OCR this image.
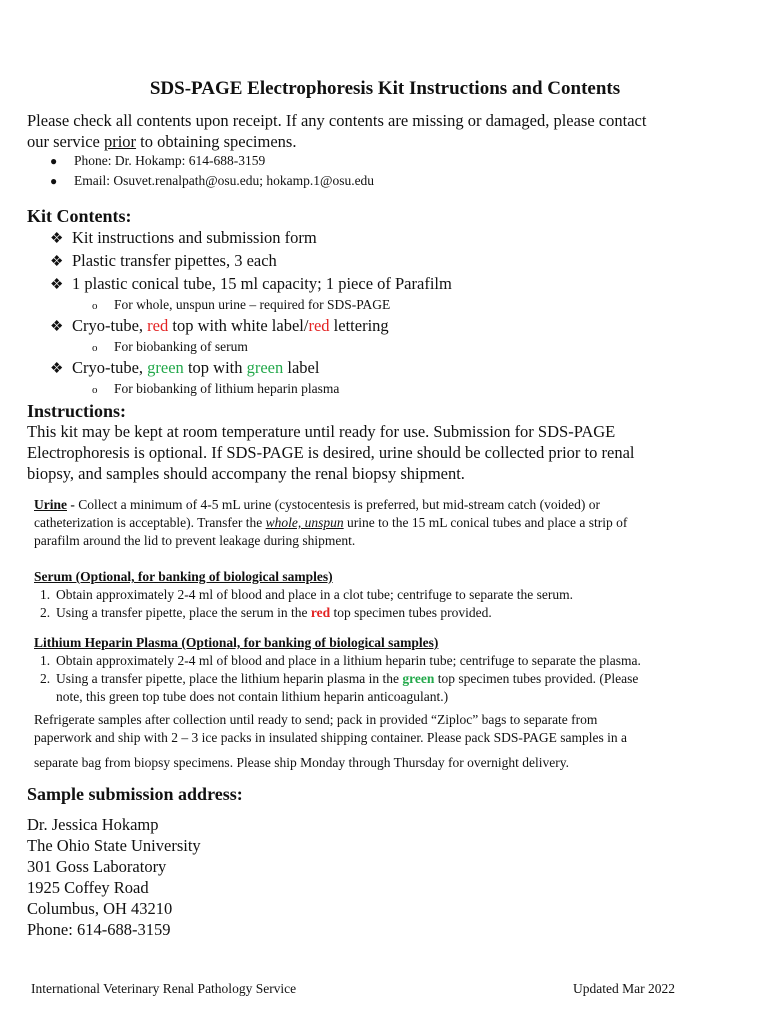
SDS-PAGE Electrophoresis Kit Instructions and Contents
Please check all contents upon receipt. If any contents are missing or damaged, please contact
our service prior to obtaining specimens.
●	Phone: Dr. Hokamp: 614-688-3159
●	Email: Osuvet.renalpath@osu.edu; hokamp.1@osu.edu
Kit Contents:
❖ Kit instructions and submission form
❖ Plastic transfer pipettes, 3 each
❖ 1 plastic conical tube, 15 ml capacity; 1 piece of Parafilm
o For whole, unspun urine – required for SDS-PAGE
❖ Cryo-tube, red top with white label/red lettering
o For biobanking of serum
❖ Cryo-tube, green top with green label
o For biobanking of lithium heparin plasma
Instructions:
This kit may be kept at room temperature until ready for use. Submission for SDS-PAGE
Electrophoresis is optional. If SDS-PAGE is desired, urine should be collected prior to renal
biopsy, and samples should accompany the renal biopsy shipment.
Urine - Collect a minimum of 4-5 mL urine (cystocentesis is preferred, but mid-stream catch (voided) or
catheterization is acceptable). Transfer the whole, unspun urine to the 15 mL conical tubes and place a strip of
parafilm around the lid to prevent leakage during shipment.
Serum (Optional, for banking of biological samples)
1. Obtain approximately 2-4 ml of blood and place in a clot tube; centrifuge to separate the serum.
2. Using a transfer pipette, place the serum in the red top specimen tubes provided.
Lithium Heparin Plasma (Optional, for banking of biological samples)
1. Obtain approximately 2-4 ml of blood and place in a lithium heparin tube; centrifuge to separate the plasma.
2. Using a transfer pipette, place the lithium heparin plasma in the green top specimen tubes provided. (Please
note, this green top tube does not contain lithium heparin anticoagulant.)
Refrigerate samples after collection until ready to send; pack in provided “Ziploc” bags to separate from
paperwork and ship with 2 – 3 ice packs in insulated shipping container. Please pack SDS-PAGE samples in a
separate bag from biopsy specimens. Please ship Monday through Thursday for overnight delivery.
Sample submission address:
Dr. Jessica Hokamp
The Ohio State University
301 Goss Laboratory
1925 Coffey Road
Columbus, OH 43210
Phone: 614-688-3159
International Veterinary Renal Pathology Service	Updated Mar 2022
